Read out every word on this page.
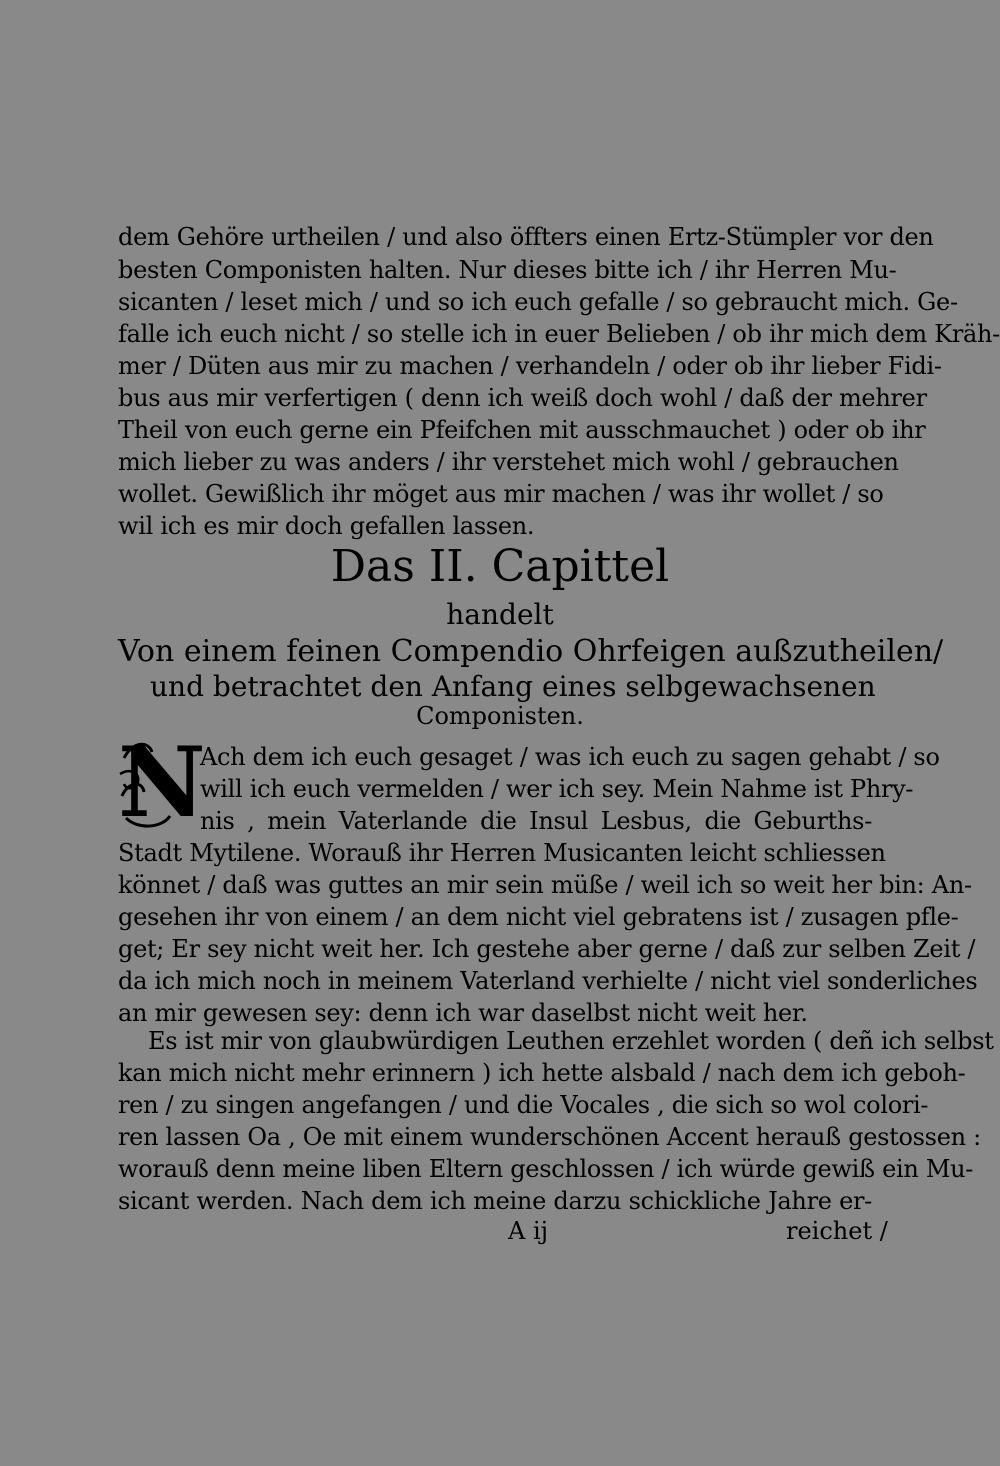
dem Gehöre urtheilen / und also öffters einen Ertz-Stümpler vor den
besten Componisten halten. Nur dieses bitte ich / ihr Herren Mu-
sicanten / leset mich / und so ich euch gefalle / so gebraucht mich. Ge-
falle ich euch nicht / so stelle ich in euer Belieben / ob ihr mich dem Kräh-
mer / Düten aus mir zu machen / verhandeln / oder ob ihr lieber Fidi-
bus aus mir verfertigen ( denn ich weiß doch wohl / daß der mehrer
Theil von euch gerne ein Pfeifchen mit ausschmauchet ) oder ob ihr
mich lieber zu was anders / ihr verstehet mich wohl / gebrauchen
wollet. Gewißlich ihr möget aus mir machen / was ihr wollet / so
wil ich es mir doch gefallen lassen.
Das II. Capittel
handelt
Von einem feinen Compendio Ohrfeigen außzutheilen/
und betrachtet den Anfang eines selbgewachsenen
Componisten.
N
Ach dem ich euch gesaget / was ich euch zu sagen gehabt / so
will ich euch vermelden / wer ich sey. Mein Nahme ist Phry-
nis , mein Vaterlande die Insul Lesbus, die Geburths-
Stadt Mytilene. Worauß ihr Herren Musicanten leicht schliessen
könnet / daß was guttes an mir sein müße / weil ich so weit her bin: An-
gesehen ihr von einem / an dem nicht viel gebratens ist / zusagen pfle-
get; Er sey nicht weit her. Ich gestehe aber gerne / daß zur selben Zeit /
da ich mich noch in meinem Vaterland verhielte / nicht viel sonderliches
an mir gewesen sey: denn ich war daselbst nicht weit her.
Es ist mir von glaubwürdigen Leuthen erzehlet worden ( deñ ich selbst
kan mich nicht mehr erinnern ) ich hette alsbald / nach dem ich geboh-
ren / zu singen angefangen / und die Vocales , die sich so wol colori-
ren lassen Oa , Oe mit einem wunderschönen Accent herauß gestossen :
worauß denn meine liben Eltern geschlossen / ich würde gewiß ein Mu-
sicant werden. Nach dem ich meine darzu schickliche Jahre er-
A ij	reichet /
